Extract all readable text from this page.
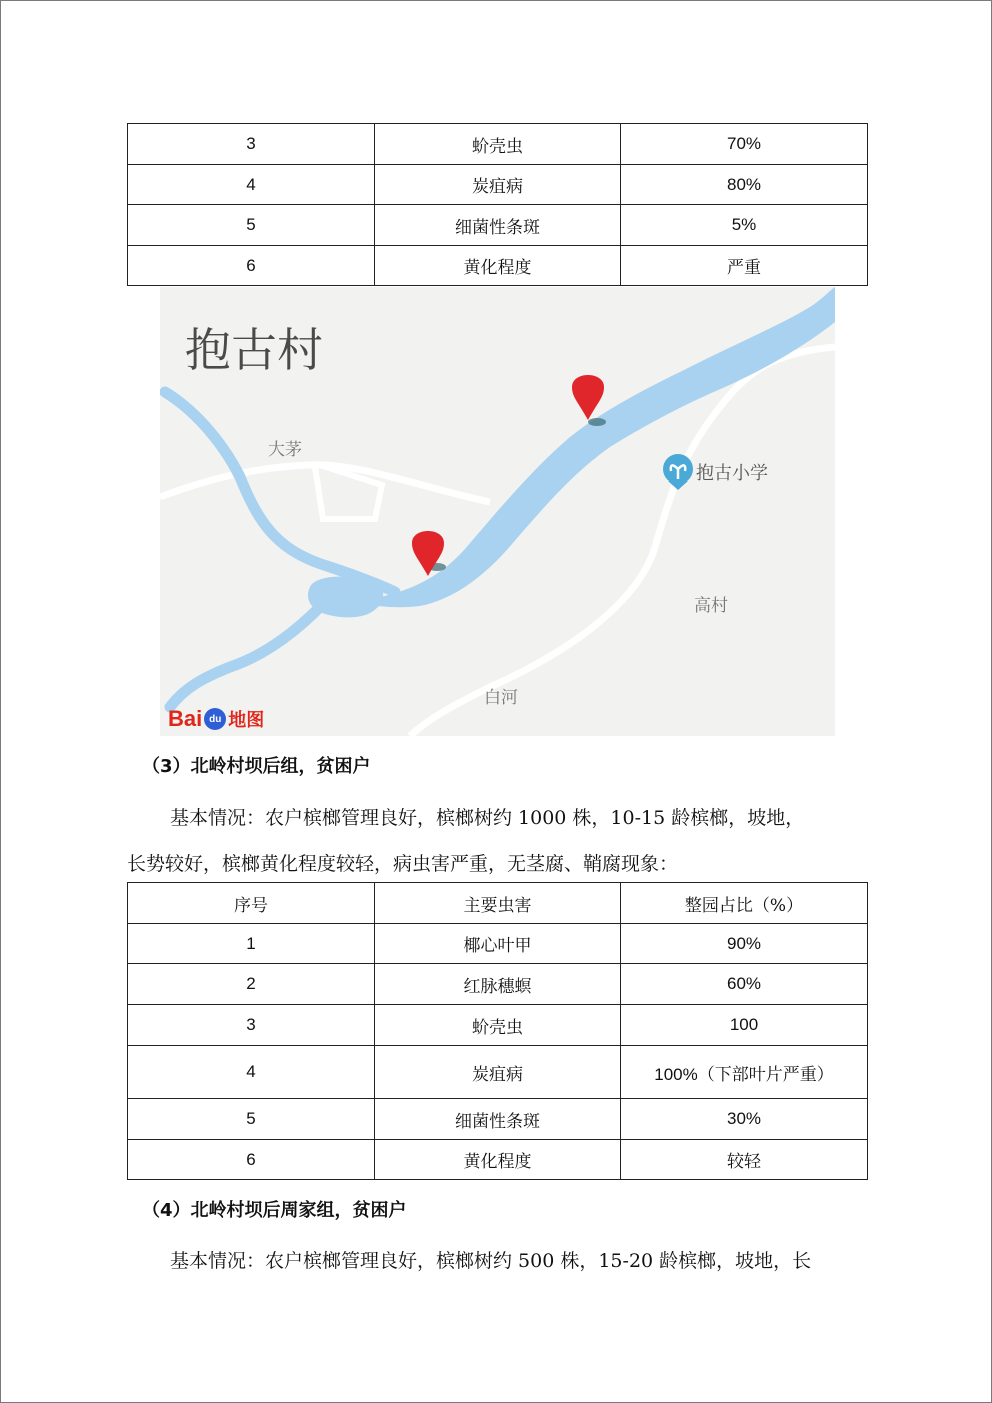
3	蚧壳虫	70%
4	炭疽病	80%
5	细菌性条斑	5%
6	黄化程度	严重
抱古村
大茅
抱古小学
高村
白河
Bai du 地图
（3）北岭村坝后组，贫困户
基本情况：农户槟榔管理良好，槟榔树约 1000 株，10-15 龄槟榔，坡地，
长势较好，槟榔黄化程度较轻，病虫害严重，无茎腐、鞘腐现象：
序号	主要虫害	整园占比（%）
1	椰心叶甲	90%
2	红脉穗螟	60%
3	蚧壳虫	100
4	炭疽病	100%（下部叶片严重）
5	细菌性条斑	30%
6	黄化程度	较轻
（4）北岭村坝后周家组，贫困户
基本情况：农户槟榔管理良好，槟榔树约 500 株，15-20 龄槟榔，坡地，长
